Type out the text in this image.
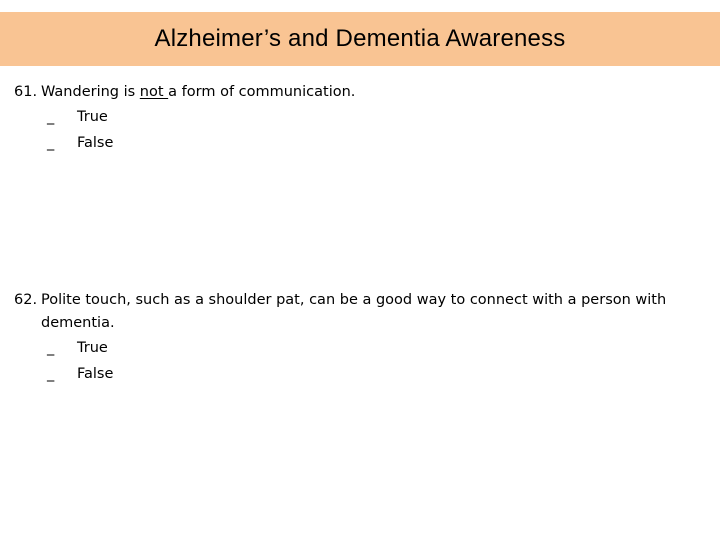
Alzheimer’s and Dementia Awareness
61. Wandering is not a form of communication.
_	True
_	False
62. Polite touch, such as a shoulder pat, can be a good way to connect with a person with dementia.
_	True
_	False
